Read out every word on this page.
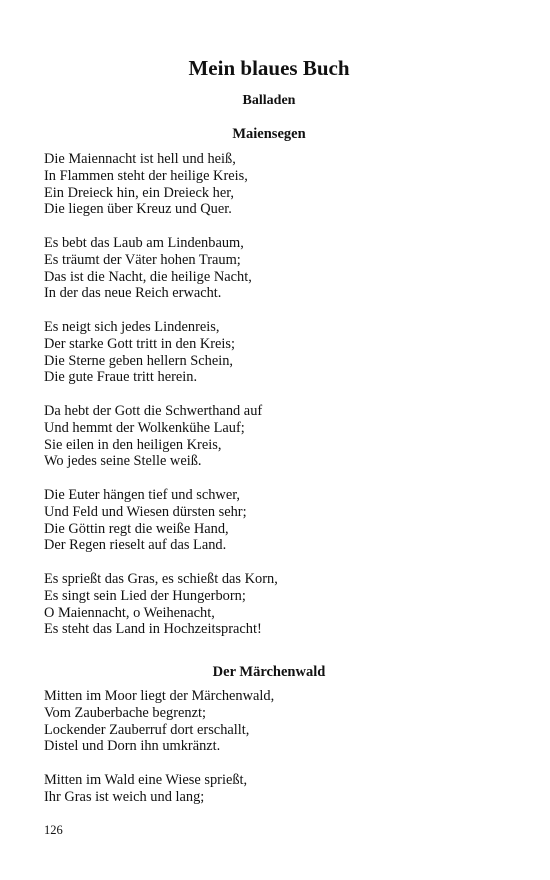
Mein blaues Buch
Balladen
Maiensegen
Die Maiennacht ist hell und heiß,
In Flammen steht der heilige Kreis,
Ein Dreieck hin, ein Dreieck her,
Die liegen über Kreuz und Quer.
Es bebt das Laub am Lindenbaum,
Es träumt der Väter hohen Traum;
Das ist die Nacht, die heilige Nacht,
In der das neue Reich erwacht.
Es neigt sich jedes Lindenreis,
Der starke Gott tritt in den Kreis;
Die Sterne geben hellern Schein,
Die gute Fraue tritt herein.
Da hebt der Gott die Schwerthand auf
Und hemmt der Wolkenkühe Lauf;
Sie eilen in den heiligen Kreis,
Wo jedes seine Stelle weiß.
Die Euter hängen tief und schwer,
Und Feld und Wiesen dürsten sehr;
Die Göttin regt die weiße Hand,
Der Regen rieselt auf das Land.
Es sprießt das Gras, es schießt das Korn,
Es singt sein Lied der Hungerborn;
O Maiennacht, o Weihenacht,
Es steht das Land in Hochzeitspracht!
Der Märchenwald
Mitten im Moor liegt der Märchenwald,
Vom Zauberbache begrenzt;
Lockender Zauberruf dort erschallt,
Distel und Dorn ihn umkränzt.
Mitten im Wald eine Wiese sprießt,
Ihr Gras ist weich und lang;
126
